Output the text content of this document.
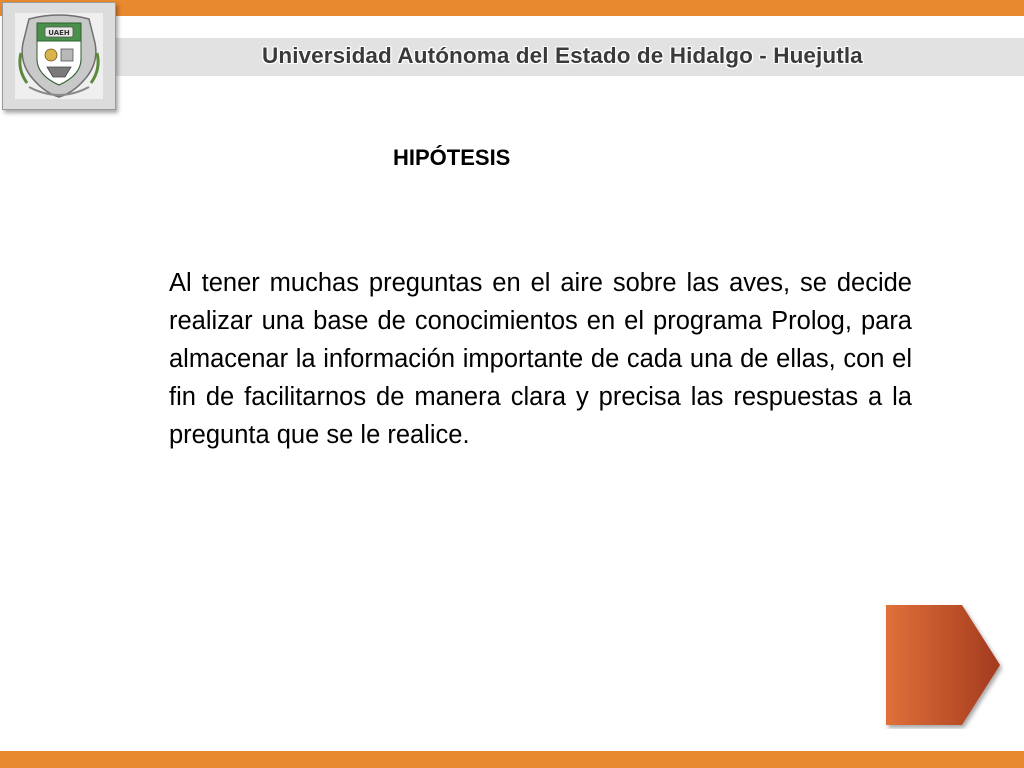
UAEH
Universidad Autónoma del Estado de Hidalgo - Huejutla
HIPÓTESIS

Al tener muchas preguntas en el aire sobre las aves, se decide realizar una base de conocimientos en el programa Prolog, para almacenar la información importante de cada una de ellas, con el fin de facilitarnos de manera clara y precisa las respuestas a la pregunta que se le realice.
